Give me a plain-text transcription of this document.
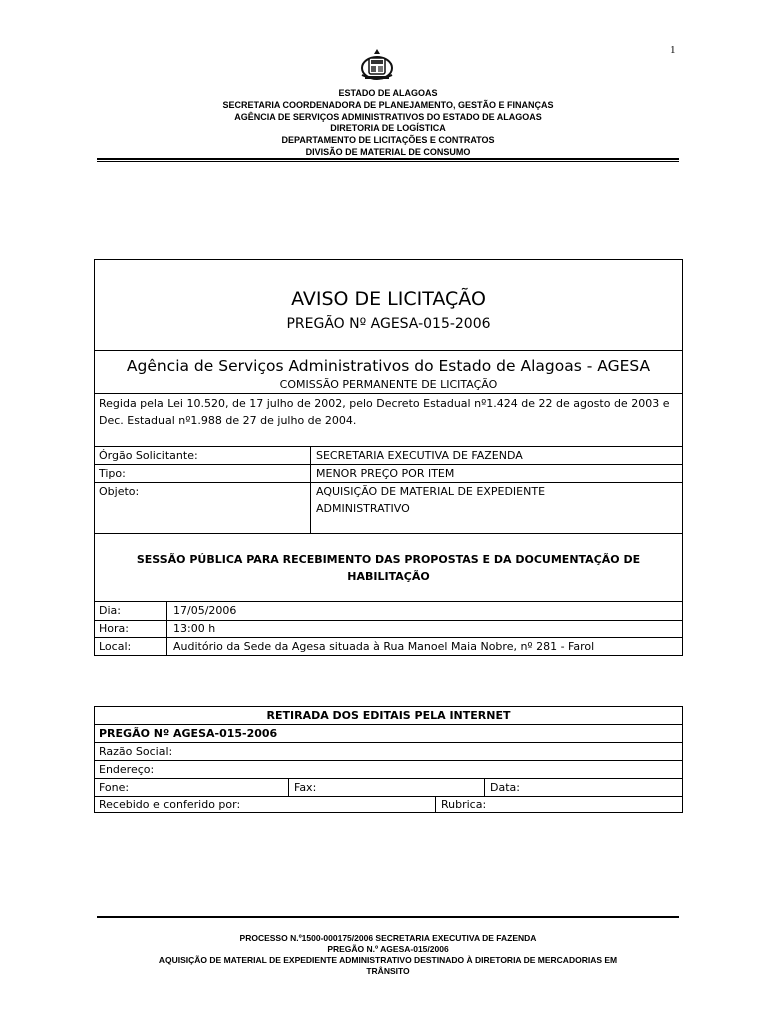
1
ESTADO DE ALAGOAS
SECRETARIA COORDENADORA DE PLANEJAMENTO, GESTÃO E FINANÇAS
AGÊNCIA DE SERVIÇOS ADMINISTRATIVOS DO ESTADO DE ALAGOAS
DIRETORIA DE LOGÍSTICA
DEPARTAMENTO DE LICITAÇÕES E CONTRATOS
DIVISÃO DE MATERIAL DE CONSUMO
AVISO DE LICITAÇÃO
PREGÃO Nº AGESA-015-2006
Agência de Serviços Administrativos do Estado de Alagoas - AGESA
COMISSÃO PERMANENTE DE LICITAÇÃO
Regida pela Lei 10.520, de 17 julho de 2002, pelo Decreto Estadual nº1.424 de 22 de agosto de 2003 e
Dec. Estadual nº1.988 de 27 de julho de 2004.
Órgão Solicitante:	SECRETARIA EXECUTIVA DE FAZENDA
Tipo:	MENOR PREÇO POR ITEM
Objeto:	AQUISIÇÃO DE MATERIAL DE EXPEDIENTE
ADMINISTRATIVO
SESSÃO PÚBLICA PARA RECEBIMENTO DAS PROPOSTAS E DA DOCUMENTAÇÃO DE
HABILITAÇÃO
Dia:	17/05/2006
Hora:	13:00 h
Local:	Auditório da Sede da Agesa situada à Rua Manoel Maia Nobre, nº 281 - Farol
RETIRADA DOS EDITAIS PELA INTERNET
PREGÃO Nº AGESA-015-2006
Razão Social:
Endereço:
Fone:	Fax:	Data:
Recebido e conferido por:	Rubrica:
PROCESSO N.º1500-000175/2006 SECRETARIA EXECUTIVA DE FAZENDA
PREGÃO N.º AGESA-015/2006
AQUISIÇÃO DE MATERIAL DE EXPEDIENTE ADMINISTRATIVO DESTINADO À DIRETORIA DE MERCADORIAS EM
TRÂNSITO
